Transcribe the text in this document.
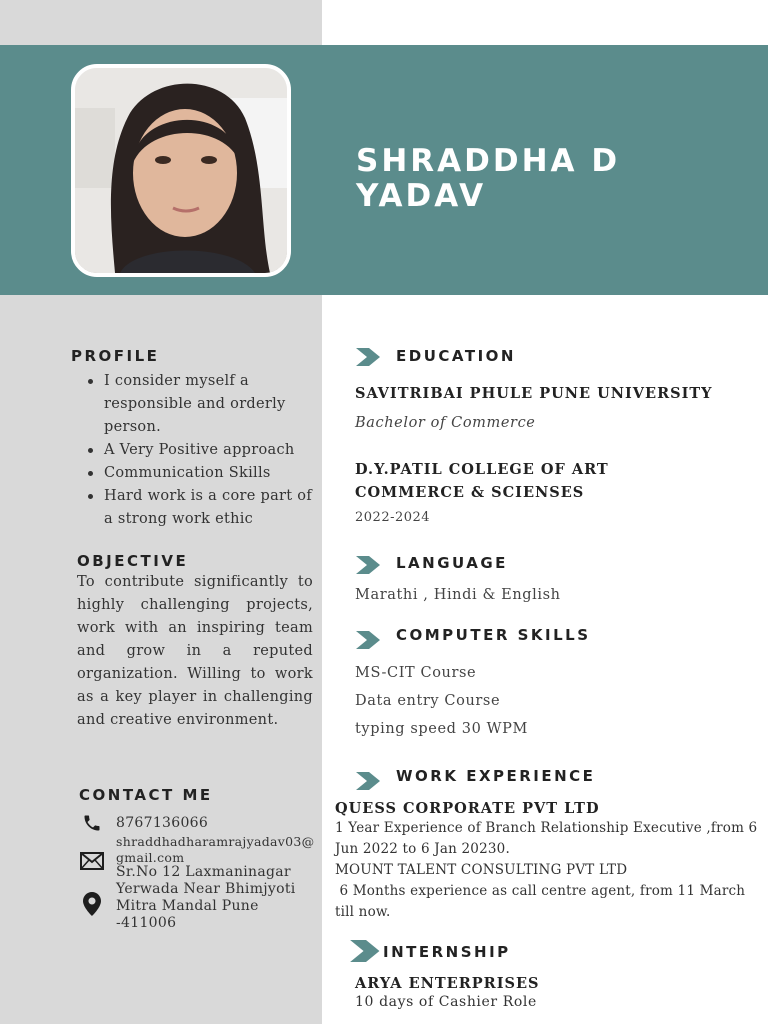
SHRADDHA D YADAV
PROFILE
I consider myself a responsible and orderly person.
A Very Positive approach
Communication Skills
Hard work is a core part of a strong work ethic
OBJECTIVE
To contribute significantly to highly challenging projects, work with an inspiring team and grow in a reputed organization. Willing to work as a key player in challenging and creative environment.
CONTACT ME
8767136066
shraddhadharamrajyadav03@gmail.com
Sr.No 12 Laxmaninagar Yerwada Near Bhimjyoti Mitra Mandal Pune -411006
EDUCATION
SAVITRIBAI PHULE PUNE UNIVERSITY
Bachelor of Commerce
D.Y.PATIL COLLEGE OF ART COMMERCE & SCIENSES
2022-2024
LANGUAGE
Marathi , Hindi & English
COMPUTER SKILLS
MS-CIT Course
Data entry Course
typing speed 30 WPM
WORK EXPERIENCE
QUESS CORPORATE PVT LTD
1 Year Experience of Branch Relationship Executive ,from 6 Jun 2022 to 6 Jan 20230.
MOUNT TALENT CONSULTING PVT LTD
6 Months experience as call centre agent, from 11 March till now.
INTERNSHIP
ARYA ENTERPRISES
10 days of Cashier Role
